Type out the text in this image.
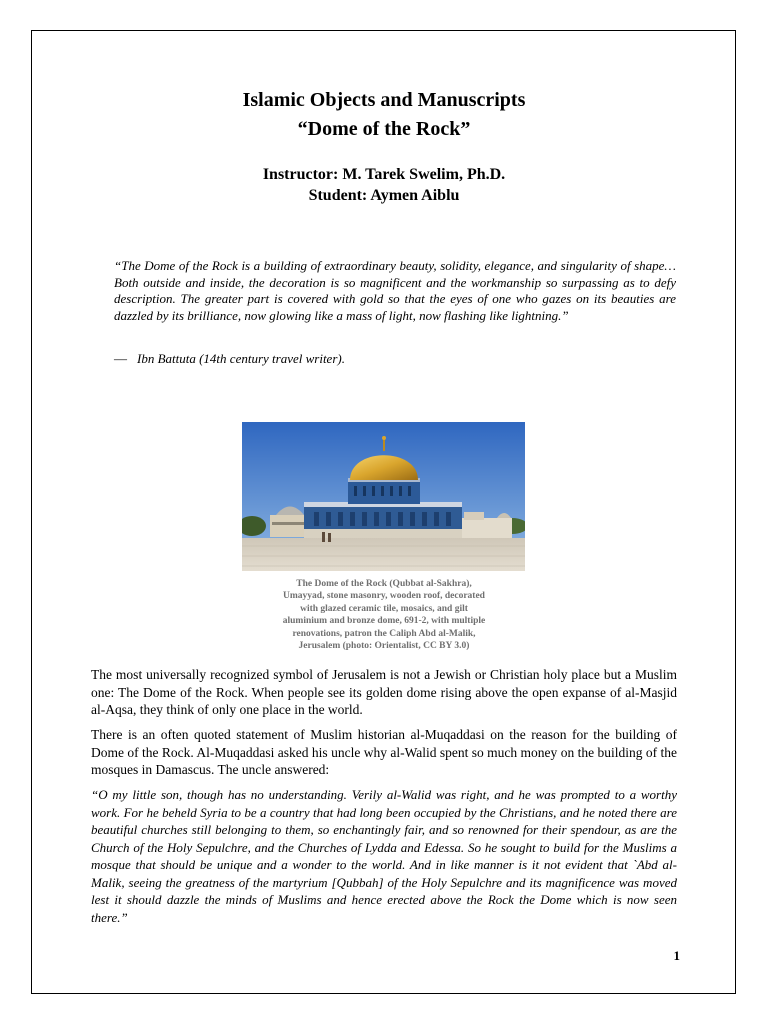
Islamic Objects and Manuscripts
“Dome of the Rock”

Instructor: M. Tarek Swelim, Ph.D.

Student: Aymen Aiblu

“The Dome of the Rock is a building of extraordinary beauty, solidity, elegance, and singularity of shape… Both outside and inside, the decoration is so magnificent and the workmanship so surpassing as to defy description. The greater part is covered with gold so that the eyes of one who gazes on its beauties are dazzled by its brilliance, now glowing like a mass of light, now flashing like lightning.”

— Ibn Battuta (14th century travel writer).

The Dome of the Rock (Qubbat al-Sakhra),
Umayyad, stone masonry, wooden roof, decorated
with glazed ceramic tile, mosaics, and gilt
aluminium and bronze dome, 691-2, with multiple
renovations, patron the Caliph Abd al-Malik,
Jerusalem (photo: Orientalist, CC BY 3.0)

The most universally recognized symbol of Jerusalem is not a Jewish or Christian holy place but a Muslim one: The Dome of the Rock. When people see its golden dome rising above the open expanse of al-Masjid al-Aqsa, they think of only one place in the world.

There is an often quoted statement of Muslim historian al-Muqaddasi on the reason for the building of Dome of the Rock. Al-Muqaddasi asked his uncle why al-Walid spent so much money on the building of the mosques in Damascus. The uncle answered:

“O my little son, though has no understanding. Verily al-Walid was right, and he was prompted to a worthy work. For he beheld Syria to be a country that had long been occupied by the Christians, and he noted there are beautiful churches still belonging to them, so enchantingly fair, and so renowned for their spendour, as are the Church of the Holy Sepulchre, and the Churches of Lydda and Edessa. So he sought to build for the Muslims a mosque that should be unique and a wonder to the world. And in like manner is it not evident that `Abd al-Malik, seeing the greatness of the martyrium [Qubbah] of the Holy Sepulchre and its magnificence was moved lest it should dazzle the minds of Muslims and hence erected above the Rock the Dome which is now seen there.”

1
